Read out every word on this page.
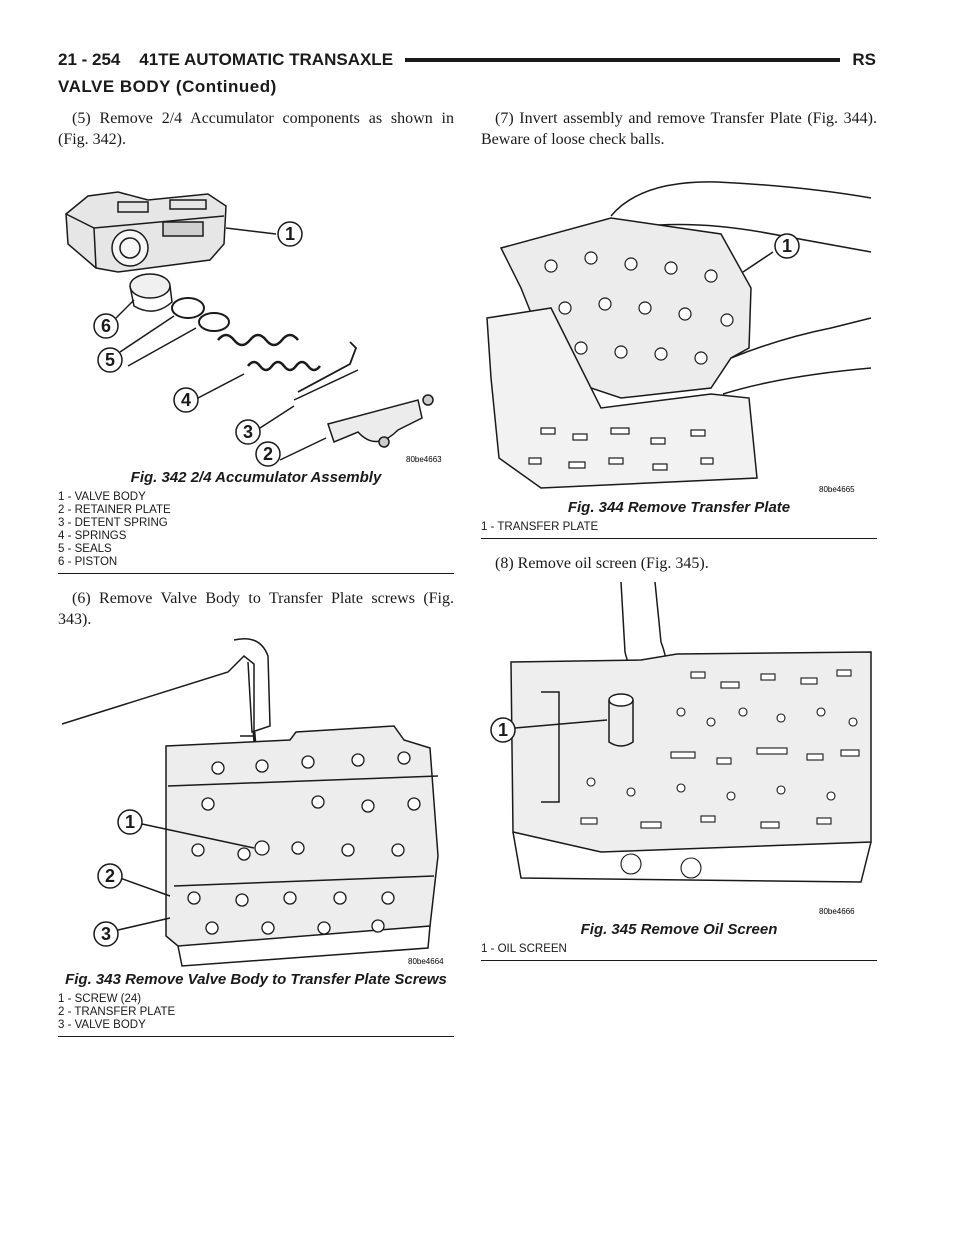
21 - 254    41TE AUTOMATIC TRANSAXLE	RS
VALVE BODY (Continued)

(5) Remove 2/4 Accumulator components as shown in (Fig. 342).

1
2
3
4
5
6
80be4663

Fig. 342 2/4 Accumulator Assembly

1 - VALVE BODY
2 - RETAINER PLATE
3 - DETENT SPRING
4 - SPRINGS
5 - SEALS
6 - PISTON

(6) Remove Valve Body to Transfer Plate screws (Fig. 343).

1
2
3
80be4664

Fig. 343 Remove Valve Body to Transfer Plate Screws

1 - SCREW (24)
2 - TRANSFER PLATE
3 - VALVE BODY

(7) Invert assembly and remove Transfer Plate (Fig. 344). Beware of loose check balls.

1
80be4665

Fig. 344 Remove Transfer Plate

1 - TRANSFER PLATE

(8) Remove oil screen (Fig. 345).

1
80be4666

Fig. 345 Remove Oil Screen

1 - OIL SCREEN
